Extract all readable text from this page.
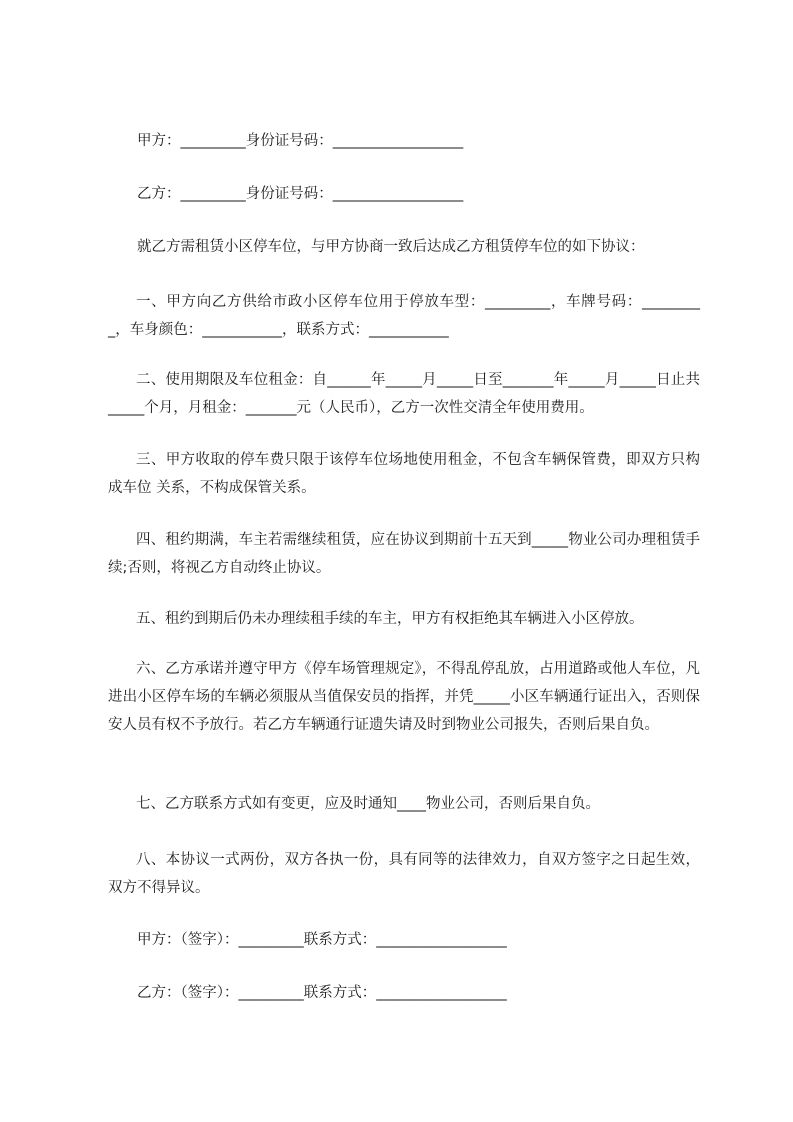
甲方：_________身份证号码：__________________

乙方：_________身份证号码：__________________

就乙方需租赁小区停车位，与甲方协商一致后达成乙方租赁停车位的如下协议：

一、甲方向乙方供给市政小区停车位用于停放车型：_________，车牌号码：_________，车身颜色：___________，联系方式：___________

二、使用期限及车位租金：自______年_____月_____日至_______年_____月_____日止共_____个月，月租金：_______元（人民币），乙方一次性交清全年使用费用。

三、甲方收取的停车费只限于该停车位场地使用租金，不包含车辆保管费，即双方只构成车位 关系，不构成保管关系。

四、租约期满，车主若需继续租赁，应在协议到期前十五天到_____物业公司办理租赁手续;否则，将视乙方自动终止协议。

五、租约到期后仍未办理续租手续的车主，甲方有权拒绝其车辆进入小区停放。

六、乙方承诺并遵守甲方《停车场管理规定》，不得乱停乱放，占用道路或他人车位，凡进出小区停车场的车辆必须服从当值保安员的指挥，并凭_____小区车辆通行证出入，否则保安人员有权不予放行。若乙方车辆通行证遗失请及时到物业公司报失，否则后果自负。

七、乙方联系方式如有变更，应及时通知____物业公司，否则后果自负。

八、本协议一式两份，双方各执一份，具有同等的法律效力，自双方签字之日起生效，双方不得异议。

甲方：（签字）：_________联系方式：__________________

乙方：（签字）：_________联系方式：__________________
